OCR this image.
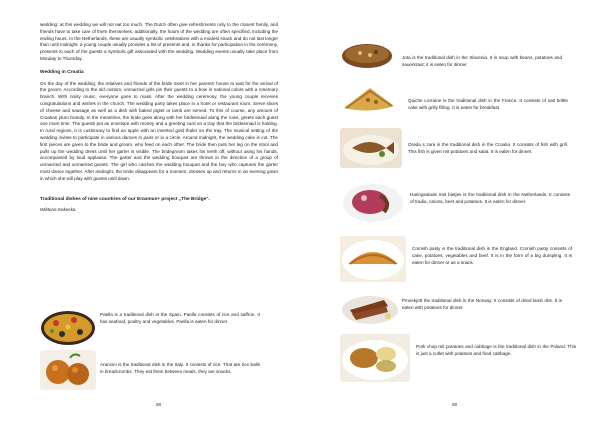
wedding: at this wedding we will not eat too much. The Dutch often give refreshments only to the closest family, and friends have to take care of them themselves. additionally, the hours of the wedding are often specified, including the ending hours. In the Netherlands, these are usually symbolic celebrations with a modest snack and do not last longer than until midnight. a young couple usually provides a list of presents and, in thanks for participation in the ceremony, presents to each of the guests a symbolic gift associated with the wedding. Wedding events usually take place from Monday to Thursday.

Wedding in Croatia

On the day of the wedding, the relatives and friends of the bride meet in her parents' house to wait for the arrival of the groom. According to the old custom, unmarried girls pin their guests to a bow in national colors with a rosemary branch. With noisy music, everyone goes to mass. After the wedding ceremony, the young couple receives congratulations and wishes in the church. The wedding party takes place in a hotel or restaurant room. Serve slices of cheese and sausage as well as a dish with baked piglet or lamb are served. To this of course, any amount of Croatian plum brandy. In the meantime, the bride goes along with her bridesmaid along the rows, greets each guest one more time. The guests put an envelope with money and a greeting card on a tray that the bridesmaid is holding. In rural regions, it is customary to find an apple with an inserted gold thaler on the tray. The musical setting of the wedding invites to participate in various dances in pairs or in a circle. Around midnight, the wedding cake is cut. The first pieces are given to the bride and groom, who feed on each other. The bride then puts her leg on the stool and pulls up the wedding dress until her garter is visible. The bridegroom takes his teeth off, without using his hands, accompanied by loud applause. The garter and the wedding bouquet are thrown in the direction of a group of unmarried and unmarried guests. The girl who catches the wedding bouquet and the boy who captures the garter must dance together. After midnight, the bride disappears for a moment, dresses up and returns in an evening gown in which she will play with guests until dawn.

Traditional dishes of nine countries of our Erasmus+ project „The Bridge".

Wiktoria Kokoska

Paella is a traditional dish in the Spain. Paella consists of rice and saffron. It has seafood, poultry and vegetables. Paella is eaten for dinner.

Arancini is the traditional dish in the Italy. It consists of rice. That are rice balls in breadcrumbs. They eat them between meals. they are snacks.

68

Jota is the traditional dish in the Slovenia. It is soup with beans, potatoes and sauerkraut; it is eaten for dinner.

Quiche Lorraine is the traditional dish in the France. It consists of salt brittle cake with grilly filling. It is eaten for breakfast.

Orada s zara is the traditional dish in the Croatia. It consists of fish with grill. This fish is given mit potatoes and salat. It is eaten for dinner.

Haringsalade met bietjes is the traditional dish in the Netherlands. It consists of tradia, onions, beet and potatoes. It is eaten for dinner.

Cornish pasty is the traditional dish in the England. Cornish pasty consists of cake, potatoes, vegetables and beef. It is in the form of a big dumpling. It is eaten for dinner or as a snack.

Pinnekjott the traditional dish in the Norway. It consists of dried lamb ribs. It is eaten with potatoes for dinner.

Pork chop mit potatoes and cabbage is the traditional dish in the Poland. This is just a cutlet with potatoes and fried cabbage.

69
